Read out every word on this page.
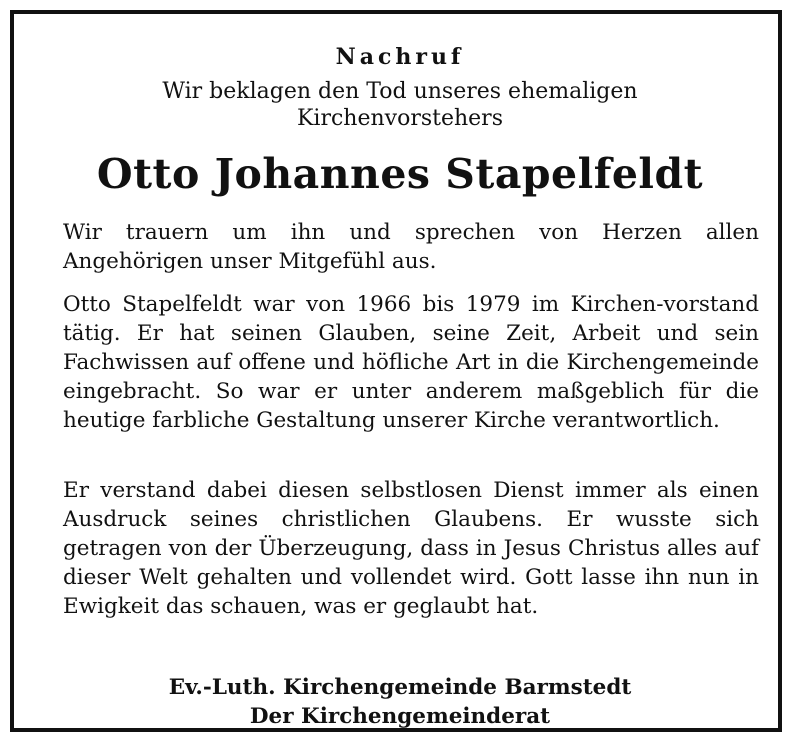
Nachruf
Wir beklagen den Tod unseres ehemaligen
Kirchenvorstehers
Otto Johannes Stapelfeldt
Wir trauern um ihn und sprechen von Herzen allen Angehörigen unser Mitgefühl aus.
Otto Stapelfeldt war von 1966 bis 1979 im Kirchen-vorstand tätig. Er hat seinen Glauben, seine Zeit, Arbeit und sein Fachwissen auf offene und höfliche Art in die Kirchengemeinde eingebracht. So war er unter anderem maßgeblich für die heutige farbliche Gestaltung unserer Kirche verantwortlich.
Er verstand dabei diesen selbstlosen Dienst immer als einen Ausdruck seines christlichen Glaubens. Er wusste sich getragen von der Überzeugung, dass in Jesus Christus alles auf dieser Welt gehalten und vollendet wird. Gott lasse ihn nun in Ewigkeit das schauen, was er geglaubt hat.
Ev.-Luth. Kirchengemeinde Barmstedt
Der Kirchengemeinderat
